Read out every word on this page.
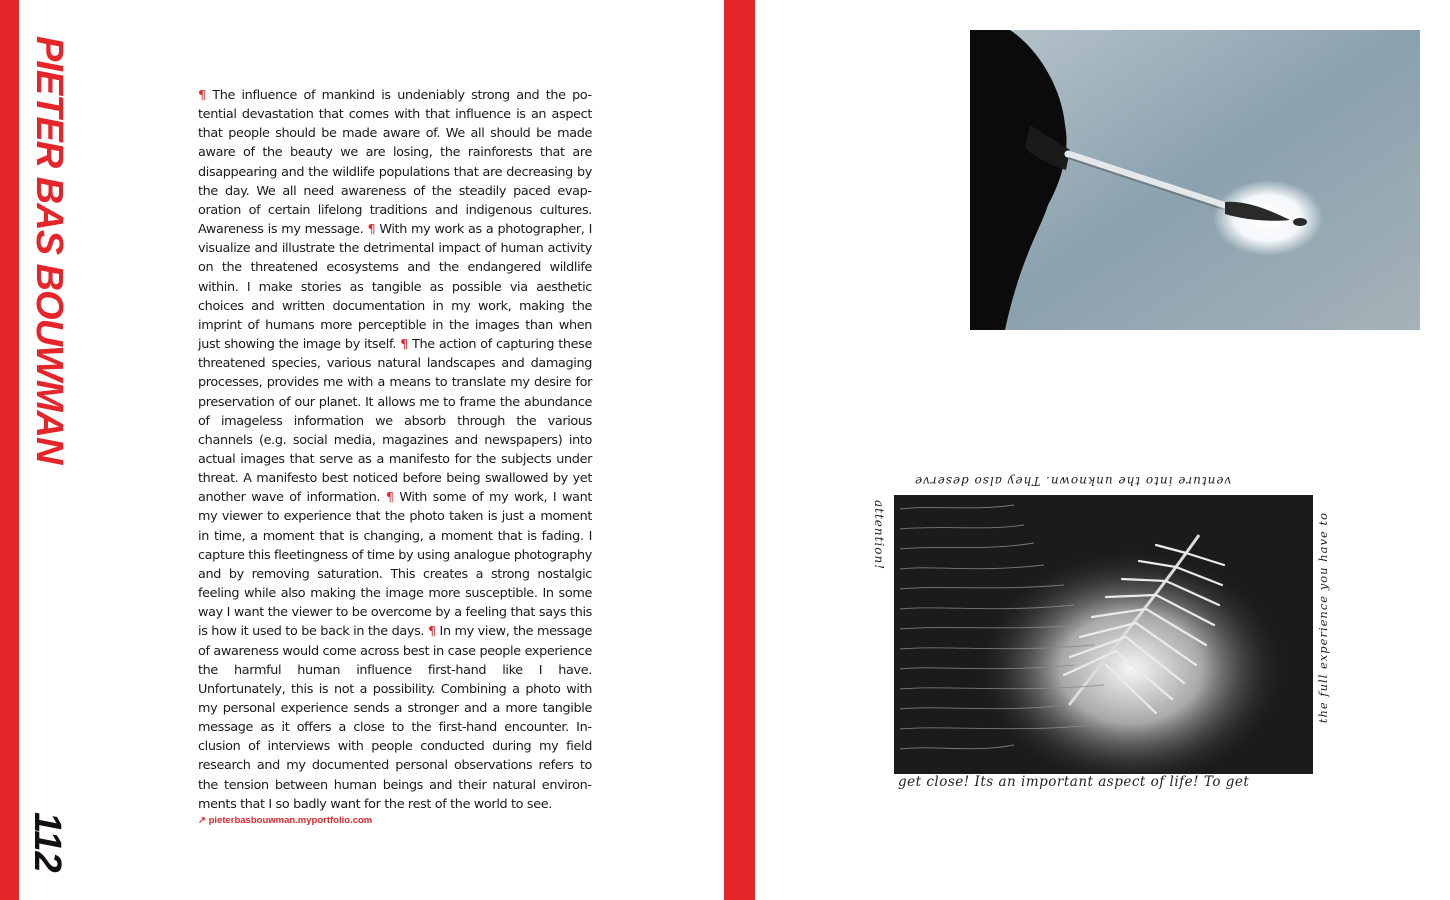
PIETER BAS BOUWMAN
112

¶ The influence of mankind is undeniably strong and the potential devastation that comes with that influence is an aspect that people should be made aware of. We all should be made aware of the beauty we are losing, the rainforests that are disappearing and the wildlife populations that are decreasing by the day. We all need awareness of the steadily paced evaporation of certain lifelong traditions and indigenous cultures. Awareness is my message. ¶ With my work as a photographer, I visualize and illustrate the detrimental impact of human activity on the threatened ecosystems and the endangered wildlife within. I make stories as tangible as possible via aesthetic choices and written documentation in my work, making the imprint of humans more perceptible in the images than when just showing the image by itself. ¶ The action of capturing these threatened species, various natural landscapes and damaging processes, provides me with a means to translate my desire for preservation of our planet. It allows me to frame the abundance of imageless information we absorb through the various channels (e.g. social media, magazines and newspapers) into actual images that serve as a manifesto for the subjects under threat. A manifesto best noticed before being swallowed by yet another wave of information. ¶ With some of my work, I want my viewer to experience that the photo taken is just a moment in time, a moment that is changing, a moment that is fading. I capture this fleetingness of time by using analogue photography and by removing saturation. This creates a strong nostalgic feeling while also making the image more susceptible. In some way I want the viewer to be overcome by a feeling that says this is how it used to be back in the days. ¶ In my view, the message of awareness would come across best in case people experience the harmful human influence first-hand like I have. Unfortunately, this is not a possibility. Combining a photo with my personal experience sends a stronger and a more tangible message as it offers a close to the first-hand encounter. Inclusion of interviews with people conducted during my field research and my documented personal observations refers to the tension between human beings and their natural environments that I so badly want for the rest of the world to see.

↗ pieterbasbouwman.myportfolio.com
venture into the unknown. They also deserve
the full experience you have to
attention!
get close! Its an important aspect of life! To get
